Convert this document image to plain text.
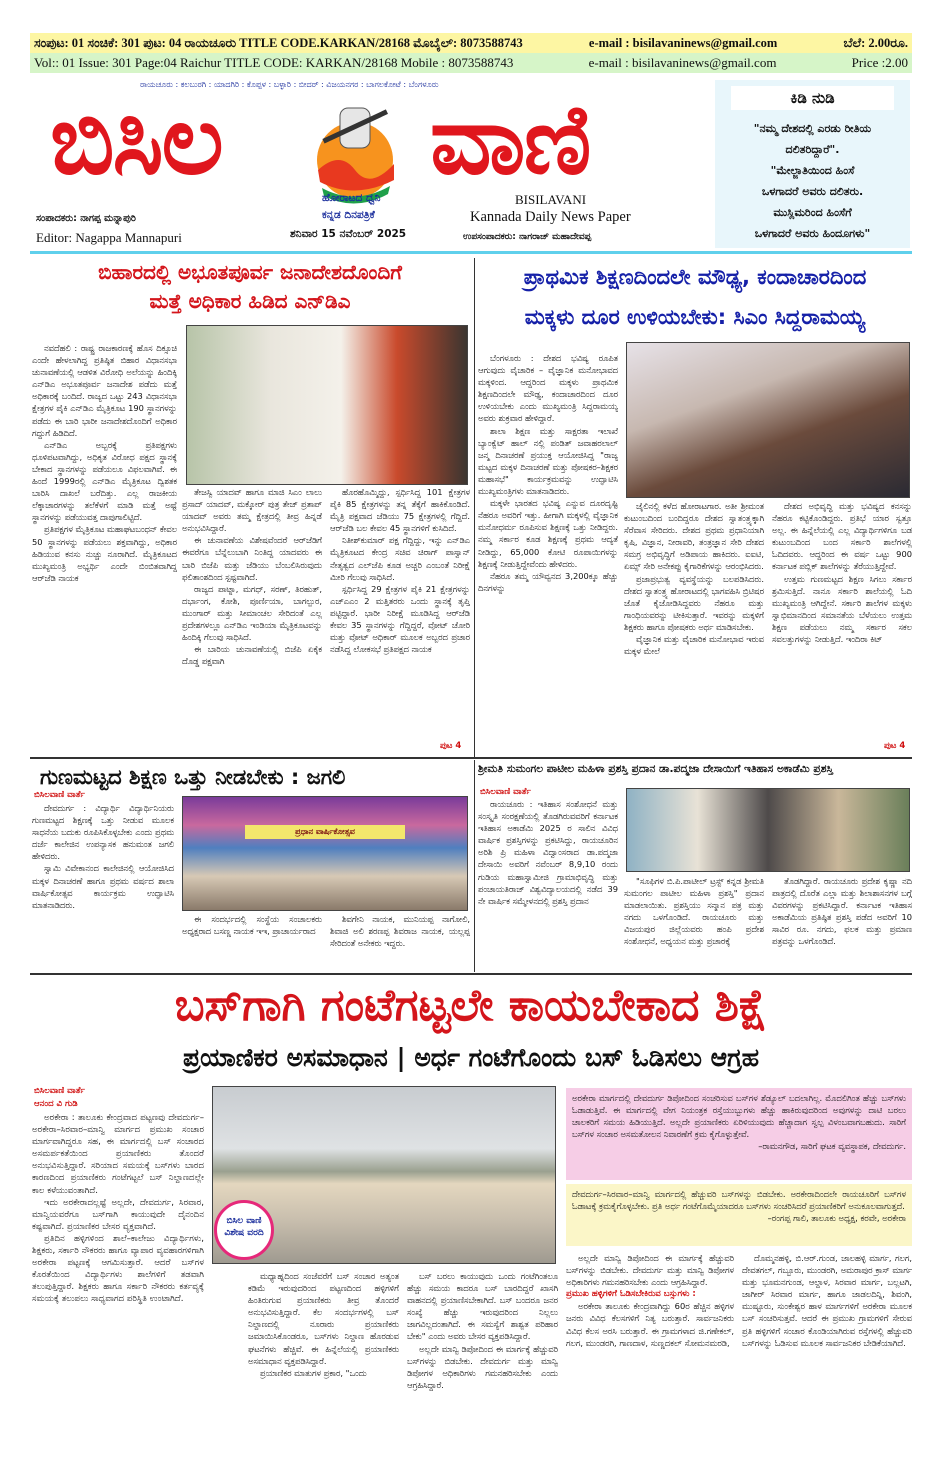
ಸಂಪುಟ: 01 ಸಂಚಿಕೆ: 301 ಪುಟ: 04 ರಾಯಚೂರು TITLE CODE.KARKAN/28168 ಮೊಬೈಲ್: 8073588743	e-mail : bisilavaninews@gmail.com	ಬೆಲೆ: 2.00ರೂ.
Vol:: 01 Issue: 301 Page:04 Raichur TITLE CODE: KARKAN/28168 Mobile : 8073588743	e-mail : bisilavaninews@gmail.com	Price :2.00
ರಾಯಚೂರು : ಕಲಬುರಗಿ : ಯಾದಗಿರಿ : ಕೊಪ್ಪಳ : ಬಳ್ಳಾರಿ : ಬೀದರ್ : ವಿಜಯನಗರ : ಬಾಗಲಕೋಟೆ : ಬೆಂಗಳೂರು
ಬಿಸಿಲ ವಾಣಿ
ಹೋರಾಟದ ಧ್ವನಿ
ಕನ್ನಡ ದಿನಪತ್ರಿಕೆ
ಶನಿವಾರ 15 ನವೆಂಬರ್ 2025
BISILAVANI
Kannada Daily News Paper
ಉಪಸಂಪಾದಕರು: ನಾಗರಾಜ್ ಮಹಾದೇವಪ್ಪ
ಸಂಪಾದಕರು: ನಾಗಪ್ಪ ಮನ್ನಾಪುರಿ
Editor: Nagappa Mannapuri
ಕಿಡಿ ನುಡಿ

"ನಮ್ಮ ದೇಶದಲ್ಲಿ ಎರಡು ರೀತಿಯ

ದಲಿತರಿದ್ದಾರೆ".

"ಮೇಲ್ಜಾತಿಯಿಂದ ಹಿಂಸೆ

ಒಳಗಾದರೆ ಅವರು ದಲಿತರು.

ಮುಸ್ಲಿಮರಿಂದ ಹಿಂಸೆಗೆ

ಒಳಗಾದರೆ ಅವರು ಹಿಂದೂಗಳು"

ಬಿಹಾರದಲ್ಲಿ ಅಭೂತಪೂರ್ವ ಜನಾದೇಶದೊಂದಿಗೆ
ಮತ್ತೆ ಅಧಿಕಾರ ಹಿಡಿದ ಎನ್‌ಡಿಎ

ನವದೆಹಲಿ : ರಾಷ್ಟ್ರ ರಾಜಕಾರಣಕ್ಕೆ ಹೊಸ ದಿಕ್ಸೂಚಿ ಎಂದೇ ಹೇಳಲಾಗಿದ್ದ ಪ್ರತಿಷ್ಠಿತ ಬಿಹಾರ ವಿಧಾನಸಭಾ ಚುನಾವಣೆಯಲ್ಲಿ ಆಡಳಿತ ವಿರೋಧಿ ಅಲೆಯನ್ನು ಹಿಂದಿಕ್ಕಿ ಎನ್‌ಡಿಎ ಅಭೂತಪೂರ್ವ ಜನಾದೇಶ ಪಡೆದು ಮತ್ತೆ ಅಧಿಕಾರಕ್ಕೆ ಬಂದಿದೆ. ರಾಜ್ಯದ ಒಟ್ಟು 243 ವಿಧಾನಸಭಾ ಕ್ಷೇತ್ರಗಳ ಪೈಕಿ ಎನ್‌ಡಿಎ ಮೈತ್ರಿಕೂಟ 190 ಸ್ಥಾನಗಳನ್ನು ಪಡೆದು ಈ ಬಾರಿ ಭಾರೀ ಜನಾದೇಶದೊಂದಿಗೆ ಅಧಿಕಾರ ಗದ್ದುಗೆ ಹಿಡಿದಿದೆ.

ಎನ್‌ಡಿಎ ಅಬ್ಬರಕ್ಕೆ ಪ್ರತಿಪಕ್ಷಗಳು ಧೂಳಿಪಟವಾಗಿದ್ದು, ಅಧಿಕೃತ ವಿರೋಧ ಪಕ್ಷದ ಸ್ಥಾನಕ್ಕೆ ಬೇಕಾದ ಸ್ಥಾನಗಳನ್ನು ಪಡೆಯಲೂ ವಿಫಲವಾಗಿವೆ. ಈ ಹಿಂದೆ 1999ರಲ್ಲಿ ಎನ್‌ಡಿಎ ಮೈತ್ರಿಕೂಟ ದ್ವಿಶತಕ ಬಾರಿಸಿ ದಾಖಲೆ ಬರೆದಿತ್ತು. ಎಲ್ಲ ರಾಜಕೀಯ ಲೆಕ್ಕಾಚಾರಗಳನ್ನು ತಲೆಕೆಳಗೆ ಮಾಡಿ ಮತ್ತೆ ಅಷ್ಟೆ ಸ್ಥಾನಗಳನ್ನು ಪಡೆಯುವತ್ತ ದಾಪುಗಾಲಿಟ್ಟಿದೆ.

ಪ್ರತಿಪಕ್ಷಗಳ ಮೈತ್ರಿಕೂಟ ಮಹಾಘಟಬಂಧನ್ ಕೇವಲ 50 ಸ್ಥಾನಗಳನ್ನು ಪಡೆಯಲು ಶಕ್ತವಾಗಿದ್ದು, ಅಧಿಕಾರ ಹಿಡಿಯುವ ಕನಸು ನುಚ್ಚು ನೂರಾಗಿದೆ. ಮೈತ್ರಿಕೂಟದ ಮುಖ್ಯಮಂತ್ರಿ ಅಭ್ಯರ್ಥಿ ಎಂದೇ ಬಿಂಬಿತವಾಗಿದ್ದ ಆರ್‌ಜೆಡಿ ನಾಯಕ

ತೇಜಸ್ವಿ ಯಾದವ್ ಹಾಗೂ ಮಾಜಿ ಸಿಎಂ ಲಾಲು ಪ್ರಸಾದ್ ಯಾದವ್, ಮಕ್ಕೋರ್ ಪುತ್ರ ತೇಜ್ ಪ್ರತಾಪ್ ಯಾದವ್ ಅವರು ತಮ್ಮ ಕ್ಷೇತ್ರದಲ್ಲಿ ತೀವ್ರ ಹಿನ್ನಡೆ ಅನುಭವಿಸಿದ್ದಾರೆ.

ಈ ಚುನಾವಣೆಯ ವಿಶೇಷವೆಂದರೆ ಆರ್‌ಜೆಡಿಗೆ ಈವರೆಗೂ ಬೆನ್ನೆಲುಬಾಗಿ ನಿಂತಿದ್ದ ಯಾದವರು ಈ ಬಾರಿ ಬಿಜೆಪಿ ಮತ್ತು ಜೆಡಿಯು ಬೆಂಬಲಿಸಿರುವುದು ಫಲಿತಾಂಶದಿಂದ ಸ್ಪಷ್ಟವಾಗಿದೆ.

ರಾಜ್ಯದ ಪಾಟ್ನಾ, ಮಗಧ್, ಸರಣ್, ತಿರಹುತ್, ದರ್ಭಾಂಗ, ಕೋಶಿ, ಪೂರ್ಣಿಯಾ, ಬಾಗಲ್ಪುರ, ಮುಂಗಾರ್ ಮತ್ತು ಸೀಮಾಂಚಲ ಸೇರಿದಂತೆ ಎಲ್ಲ ಪ್ರದೇಶಗಳಲ್ಲೂ ಎನ್‌ಡಿಎ ಇಂಡಿಯಾ ಮೈತ್ರಿಕೂಟವನ್ನು ಹಿಂದಿಕ್ಕಿ ಗೆಲುವು ಸಾಧಿಸಿದೆ.

ಈ ಬಾರಿಯ ಚುನಾವಣೆಯಲ್ಲಿ ಬಿಜೆಪಿ ಏಕೈಕ ದೊಡ್ಡ ಪಕ್ಷವಾಗಿ

ಹೊರಹೊಮ್ಮಿದ್ದು, ಸ್ಪರ್ಧಿಸಿದ್ದ 101 ಕ್ಷೇತ್ರಗಳ ಪೈಕಿ 85 ಕ್ಷೇತ್ರಗಳನ್ನು ತನ್ನ ತೆಕ್ಕೆಗೆ ಹಾಕಿಕೊಂಡಿದೆ. ಮೈತ್ರಿ ಪಕ್ಷವಾದ ಜೆಡಿಯು 75 ಕ್ಷೇತ್ರಗಳಲ್ಲಿ ಗೆದ್ದಿದೆ. ಆರ್‌ಜೆಡಿ ಬಲ ಕೇವಲ 45 ಸ್ಥಾನಗಳಿಗೆ ಕುಸಿದಿದೆ.

ನಿತೀಶ್‌ಕುಮಾರ್ ಪಕ್ಷ ಗೆದ್ದಿದ್ದು, ಇನ್ನು ಎನ್‌ಡಿಎ ಮೈತ್ರಿಕೂಟದ ಕೇಂದ್ರ ಸಚಿವ ಚಿರಾಗ್ ಪಾಸ್ವಾನ್ ನೇತೃತ್ವದ ಎಲ್‌ಜೆಪಿ ಕೂಡ ಅಚ್ಚರಿ ಎಂಬಂತೆ ನಿರೀಕ್ಷೆ ಮೀರಿ ಗೆಲುವು ಸಾಧಿಸಿದೆ.

ಸ್ಪರ್ಧಿಸಿದ್ದ 29 ಕ್ಷೇತ್ರಗಳ ಪೈಕಿ 21 ಕ್ಷೇತ್ರಗಳನ್ನು ಎಚ್‌ಎಎಂ 2 ಮತ್ತಿತರರು ಒಂದು ಸ್ಥಾನಕ್ಕೆ ತೃಪ್ತಿ ಪಟ್ಟಿದ್ದಾರೆ. ಭಾರೀ ನಿರೀಕ್ಷೆ ಮೂಡಿಸಿದ್ದ ಆರ್‌ಜೆಡಿ ಕೇವಲ 35 ಸ್ಥಾನಗಳನ್ನು ಗೆದ್ದಿದ್ದರೆ, ವೋಟ್ ಚೋರಿ ಮತ್ತು ವೋಟ್ ಅಧಿಕಾರ್ ಮೂಲಕ ಅಬ್ಬರದ ಪ್ರಚಾರ ನಡೆಸಿದ್ದ ಲೋಕಸಭೆ ಪ್ರತಿಪಕ್ಷದ ನಾಯಕ

ಪುಟ 4
ಪ್ರಾಥಮಿಕ ಶಿಕ್ಷಣದಿಂದಲೇ ಮೌಢ್ಯ, ಕಂದಾಚಾರದಿಂದ
ಮಕ್ಕಳು ದೂರ ಉಳಿಯಬೇಕು: ಸಿಎಂ ಸಿದ್ದರಾಮಯ್ಯ

ಬೆಂಗಳೂರು : ದೇಶದ ಭವಿಷ್ಯ ರೂಪಿತ ಆಗುವುದು ವೈಚಾರಿಕ – ವೈಜ್ಞಾನಿಕ ಮನೋಭಾವದ ಮಕ್ಕಳಿಂದ. ಆದ್ದರಿಂದ ಮಕ್ಕಳು ಪ್ರಾಥಮಿಕ ಶಿಕ್ಷಣದಿಂದಲೇ ಮೌಢ್ಯ, ಕಂದಾಚಾರದಿಂದ ದೂರ ಉಳಿಯಬೇಕು ಎಂದು ಮುಖ್ಯಮಂತ್ರಿ ಸಿದ್ದರಾಮಯ್ಯ ಅವರು ಶುಕ್ರವಾರ ಹೇಳಿದ್ದಾರೆ.

ಶಾಲಾ ಶಿಕ್ಷಣ ಮತ್ತು ಸಾಕ್ಷರತಾ ಇಲಾಖೆ ಬ್ಯಾಂಕ್ವೆಟ್ ಹಾಲ್ ನಲ್ಲಿ ಪಂಡಿತ್ ಜವಾಹರಲಾಲ್ ಜನ್ಮ ದಿನಾಚರಣೆ ಪ್ರಯುಕ್ತ ಆಯೋಜಿಸಿದ್ದ "ರಾಜ್ಯ ಮಟ್ಟದ ಮಕ್ಕಳ ದಿನಾಚರಣೆ ಮತ್ತು ಪೋಷಕರ–ಶಿಕ್ಷಕರ ಮಹಾಸಭೆ" ಕಾರ್ಯಕ್ರಮವನ್ನು ಉದ್ಘಾಟಿಸಿ ಮುಖ್ಯಮಂತ್ರಿಗಳು ಮಾತನಾಡಿದರು.

ಮಕ್ಕಳೇ ಭಾರತದ ಭವಿಷ್ಯ ಎನ್ನುವ ದೂರದೃಷ್ಟಿ ನೆಹರೂ ಅವರಿಗೆ ಇತ್ತು. ಹೀಗಾಗಿ ಮಕ್ಕಳಲ್ಲಿ ವೈಜ್ಞಾನಿಕ ಮನೋಧರ್ಮ ರೂಪಿಸುವ ಶಿಕ್ಷಣಕ್ಕೆ ಒತ್ತು ನೀಡಿದ್ದರು. ನಮ್ಮ ಸರ್ಕಾರ ಕೂಡ ಶಿಕ್ಷಣಕ್ಕೆ ಪ್ರಥಮ ಆದ್ಯತೆ ನೀಡಿದ್ದು, 65,000 ಕೋಟಿ ರೂಪಾಯಿಗಳನ್ನು ಶಿಕ್ಷಣಕ್ಕೆ ನೀಡುತ್ತಿದ್ದೇವೆಂದು ಹೇಳಿದರು.

ನೆಹರೂ ತಮ್ಮ ಯೌವ್ವನದ 3,200ಕ್ಕೂ ಹೆಚ್ಚು ದಿನಗಳನ್ನು

ಜೈಲಿನಲ್ಲಿ ಕಳೆದ ಹೋರಾಟಗಾರ. ಅತೀ ಶ್ರೀಮಂತ ಕುಟುಂಬದಿಂದ ಬಂದಿದ್ದರೂ ದೇಶದ ಸ್ವಾತಂತ್ರ್ಯಕ್ಕಾಗಿ ಸೆರೆವಾಸ ಸೇರಿದರು. ದೇಶದ ಪ್ರಥಮ ಪ್ರಧಾನಿಯಾಗಿ ಕೃಷಿ, ವಿಜ್ಞಾನ, ನೀರಾವರಿ, ತಂತ್ರಜ್ಞಾನ ಸೇರಿ ದೇಶದ ಸಮಗ್ರ ಅಭಿವೃದ್ಧಿಗೆ ಅಡಿಪಾಯ ಹಾಕಿದರು. ಐಐಟಿ, ಏಮ್ಸ್ ಸೇರಿ ಅನೇಕಪ್ಪು ಕೈಗಾರಿಕೆಗಳನ್ನು ಆರಂಭಿಸಿದರು.

ಪ್ರಜಾಪ್ರಭುತ್ವ ವ್ಯವಸ್ಥೆಯನ್ನು ಬಲಪಡಿಸಿದರು. ದೇಶದ ಸ್ವಾತಂತ್ರ್ಯ ಹೋರಾಟದಲ್ಲಿ ಭಾಗವಹಿಸಿ ಬ್ರಿಟಿಷರ ಜೊತೆ ಕೈಜೋಡಿಸಿದ್ದವರು ನೆಹರೂ ಮತ್ತು ಗಾಂಧಿಯವರನ್ನು ಟೀಕಿಸುತ್ತಾರೆ. ಇವರನ್ನು ಮಕ್ಕಳಿಗೆ ಶಿಕ್ಷಕರು ಹಾಗೂ ಪೋಷಕರು ಅರ್ಥ ಮಾಡಿಸಬೇಕು.

ವೈಜ್ಞಾನಿಕ ಮತ್ತು ವೈಚಾರಿಕ ಮನೋಭಾವ ಇರುವ ಮಕ್ಕಳ ಮೇಲೆ

ದೇಶದ ಅಭಿವೃದ್ಧಿ ಮತ್ತು ಭವಿಷ್ಯದ ಕನಸನ್ನು ನೆಹರೂ ಕಟ್ಟಿಕೊಂಡಿದ್ದರು. ಪ್ರತಿಭೆ ಯಾರ ಸ್ವತ್ತೂ ಅಲ್ಲ. ಈ ಹಿನ್ನೆಲೆಯಲ್ಲಿ ಎಲ್ಲ ವಿದ್ಯಾರ್ಥಿಗಳಿಗೂ ಬಡ ಕುಟುಂಬದಿಂದ ಬಂದ ಸರ್ಕಾರಿ ಶಾಲೆಗಳಲ್ಲಿ ಓದಿದವರು. ಆದ್ದರಿಂದ ಈ ವರ್ಷ ಒಟ್ಟು 900 ಕರ್ನಾಟಕ ಪಬ್ಲಿಕ್ ಶಾಲೆಗಳನ್ನು ತೆರೆಯುತ್ತಿದ್ದೇವೆ.

ಉತ್ತಮ ಗುಣಮಟ್ಟದ ಶಿಕ್ಷಣ ಸಿಗಲು ಸರ್ಕಾರ ಶ್ರಮಿಸುತ್ತಿದೆ. ನಾನೂ ಸರ್ಕಾರಿ ಶಾಲೆಯಲ್ಲಿ ಓದಿ ಮುಖ್ಯಮಂತ್ರಿ ಆಗಿದ್ದೇನೆ. ಸರ್ಕಾರಿ ಶಾಲೆಗಳ ಮಕ್ಕಳು ಸ್ವಾಭಿಮಾನದಿಂದ ಸಮಾನತೆಯ ಬೆಳೆಯಲು ಉತ್ತಮ ಶಿಕ್ಷಣ ಪಡೆಯಲು ನಮ್ಮ ಸರ್ಕಾರ ಸಕಲ ಸವಲತ್ತುಗಳನ್ನು ನೀಡುತ್ತಿದೆ. ಇಂದಿರಾ ಕಿಟ್

ಪುಟ 4
ಗುಣಮಟ್ಟದ ಶಿಕ್ಷಣ ಒತ್ತು ನೀಡಬೇಕು : ಜಗಲಿ
ಬಿಸಿಲವಾಣಿ ವಾರ್ತೆ

ದೇವದುರ್ಗ : ವಿದ್ಯಾರ್ಥಿ ವಿದ್ಯಾರ್ಥಿನಿಯರು ಗುಣಮಟ್ಟದ ಶಿಕ್ಷಣಕ್ಕೆ ಒತ್ತು ನೀಡುವ ಮೂಲಕ ಸಾಧನೆಯ ಬದುಕು ರೂಪಿಸಿಕೊಳ್ಳಬೇಕು ಎಂದು ಪ್ರಥಮ ದರ್ಜೆ ಕಾಲೇಜಿನ ಉಪನ್ಯಾಸಕ ಹನುಮಂತ ಜಗಲಿ ಹೇಳಿದರು.

ಸ್ವಾಮಿ ವಿವೇಕಾನಂದ ಕಾಲೇಜಿನಲ್ಲಿ ಆಯೋಜಿಸಿದ ಮಕ್ಕಳ ದಿನಾಚರಣೆ ಹಾಗೂ ಪ್ರಥಮ ವರ್ಷದ ಶಾಲಾ ವಾರ್ಷಿಕೋತ್ಸವ ಕಾರ್ಯಕ್ರಮ ಉದ್ಘಾಟಿಸಿ ಮಾತನಾಡಿದರು.

ಪ್ರಧಾನ ವಾರ್ಷಿಕೋತ್ಸವ

ಈ ಸಂದರ್ಭದಲ್ಲಿ ಸಂಸ್ಥೆಯ ಸಂಚಾಲಕರು ಅಧ್ಯಕ್ಷರಾದ ಬಸಣ್ಣ ನಾಯಕ ಇಇ, ಪ್ರಾಚಾರ್ಯರಾದ

ಶಿವಗೇನಿ ನಾಯಕ, ಮುನಿಯಪ್ಪ ನಾಗೋಲಿ, ಶಿವಾಜಿ ಅಲಿ ಶರಣಪ್ಪ ಶಿವರಾಜ ನಾಯಕ, ಯಲ್ಲಪ್ಪ ಸೇರಿದಂತೆ ಅನೇಕರು ಇದ್ದರು.

ಶ್ರೀಮತಿ ಸುಮಂಗಲ ಪಾಟೀಲ ಮಹಿಳಾ ಪ್ರಶಸ್ತಿ ಪ್ರದಾನ ಡಾ.ಪದ್ಮಜಾ ದೇಸಾಯಿಗೆ ಇತಿಹಾಸ ಅಕಾಡೆಮಿ ಪ್ರಶಸ್ತಿ
ಬಿಸಿಲವಾಣಿ ವಾರ್ತೆ

ರಾಯಚೂರು : ಇತಿಹಾಸ ಸಂಶೋಧನೆ ಮತ್ತು ಸಂಸ್ಕೃತಿ ಸಂರಕ್ಷಣೆಯಲ್ಲಿ ತೊಡಗಿರುವವರಿಗೆ ಕರ್ನಾಟಕ ಇತಿಹಾಸ ಅಕಾಡೆಮಿ 2025 ರ ಸಾಲಿನ ವಿವಿಧ ವಾರ್ಷಿಕ ಪ್ರಶಸ್ತಿಗಳನ್ನು ಪ್ರಕಟಿಸಿದ್ದು, ರಾಯಚೂರಿನ ಅರಿಶಿ ಪ್ರಿ ಮಹಿಳಾ ವಿದ್ವಾಂಸರಾದ ಡಾ.ಪದ್ಮಜಾ ದೇಸಾಯಿ ಅವರಿಗೆ ನವೆಂಬರ್ 8,9,10 ರಂದು ಗುಡಿಯ ಮಹಾಸ್ವಾಮೀಜಿ ಗ್ರಾಮಾಭಿವೃದ್ಧಿ ಮತ್ತು ಪಂಚಾಯತಿರಾಜ್ ವಿಶ್ವವಿದ್ಯಾಲಯದಲ್ಲಿ ನಡೆದ 39 ನೇ ವಾರ್ಷಿಕ ಸಮ್ಮೇಳನದಲ್ಲಿ ಪ್ರಶಸ್ತಿ ಪ್ರದಾನ

"ಸೂಫಿಗಳ ಬಿ.ಪಿ.ಪಾಟೀಲ್ ಟ್ರಸ್ಟ್ ಕನ್ನಡ ಶ್ರೀಮತಿ ಸುಮಂಗಲ ಪಾಟೀಲ ಮಹಿಳಾ ಪ್ರಶಸ್ತಿ" ಪ್ರದಾನ ಮಾಡಲಾಯಿತು. ಪ್ರಶಸ್ತಿಯು ಸನ್ಮಾನ ಪತ್ರ ಮತ್ತು ನಗದು ಒಳಗೊಂಡಿದೆ. ರಾಯಚೂರು ಮತ್ತು ವಿಜಯಪುರ ಜಿಲ್ಲೆಯವರು ಹಂಪಿ ಪ್ರದೇಶ ಸಂಶೋಧನೆ, ಅಧ್ಯಯನ ಮತ್ತು ಪ್ರಚಾರಕ್ಕೆ

ತೊಡಗಿದ್ದಾರೆ. ರಾಯಚೂರು ಪ್ರದೇಶ ಕೃಷ್ಣಾ ನದಿ ಪಾತ್ರದಲ್ಲಿ ದೊರೆತ ಎಲ್ಲಾ ಮತ್ತು ಶಿಲಾಶಾಸನಗಳ ಬಗ್ಗೆ ವಿವರಗಳನ್ನು ಪ್ರಕಟಿಸಿದ್ದಾರೆ. ಕರ್ನಾಟಕ ಇತಿಹಾಸ ಅಕಾಡೆಮಿಯ ಪ್ರತಿಷ್ಠಿತ ಪ್ರಶಸ್ತಿ ಪಡೆದ ಅವರಿಗೆ 10 ಸಾವಿರ ರೂ. ನಗದು, ಫಲಕ ಮತ್ತು ಪ್ರಮಾಣ ಪತ್ರವನ್ನು ಒಳಗೊಂಡಿದೆ.

ಬಸ್‌ಗಾಗಿ ಗಂಟೆಗಟ್ಟಲೇ ಕಾಯಬೇಕಾದ ಶಿಕ್ಷೆ
ಪ್ರಯಾಣಿಕರ ಅಸಮಾಧಾನ | ಅರ್ಧ ಗಂಟೆಗೊಂದು ಬಸ್ ಓಡಿಸಲು ಆಗ್ರಹ
ಬಿಸಿಲವಾಣಿ ವಾರ್ತೆ
ಆನಂದ ವಿ ಗುಡಿ

ಅರಕೇರಾ : ತಾಲೂಕು ಕೇಂದ್ರವಾದ ಪಟ್ಟಣವು ದೇವದುರ್ಗ–ಅರಕೇರಾ–ಸಿರವಾರ–ಮಾನ್ವಿ ಮಾರ್ಗದ ಪ್ರಮುಖ ಸಂಚಾರ ಮಾರ್ಗವಾಗಿದ್ದರೂ ಸಹ, ಈ ಮಾರ್ಗದಲ್ಲಿ ಬಸ್ ಸಂಚಾರದ ಅಸಮರ್ಪಕತೆಯಿಂದ ಪ್ರಯಾಣಿಕರು ತೊಂದರೆ ಅನುಭವಿಸುತ್ತಿದ್ದಾರೆ. ಸರಿಯಾದ ಸಮಯಕ್ಕೆ ಬಸ್‌ಗಳು ಬಾರದ ಕಾರಣದಿಂದ ಪ್ರಯಾಣಿಕರು ಗಂಟೆಗಟ್ಟಲೆ ಬಸ್ ನಿಲ್ದಾಣದಲ್ಲೇ ಕಾಲ ಕಳೆಯುವಂತಾಗಿದೆ.

ಇದು ಅರಕೇರಾದಲ್ಲಷ್ಟೆ ಅಲ್ಲದೇ, ದೇವದುರ್ಗ, ಸಿರವಾರ, ಮಾನ್ವಿಯವರೆಗೂ ಬಸ್‌ಗಾಗಿ ಕಾಯುವುದೇ ದೈನಂದಿನ ಕಷ್ಟವಾಗಿದೆ. ಪ್ರಯಾಣಿಕರ ಬೇಸರ ವ್ಯಕ್ತವಾಗಿದೆ.

ಪ್ರತಿದಿನ ಹಳ್ಳಿಗಳಿಂದ ಶಾಲೆ–ಕಾಲೇಜು ವಿದ್ಯಾರ್ಥಿಗಳು, ಶಿಕ್ಷಕರು, ಸರ್ಕಾರಿ ನೌಕರರು ಹಾಗೂ ವ್ಯಾಪಾರ ವ್ಯವಹಾರಗಳಿಗಾಗಿ ಅರಕೇರಾ ಪಟ್ಟಣಕ್ಕೆ ಆಗಮಿಸುತ್ತಾರೆ. ಆದರೆ ಬಸ್‌ಗಳ ಕೊರತೆಯಿಂದ ವಿದ್ಯಾರ್ಥಿಗಳು ಶಾಲೆಗಳಿಗೆ ತಡವಾಗಿ ತಲುಪುತ್ತಿದ್ದಾರೆ. ಶಿಕ್ಷಕರು ಹಾಗೂ ಸರ್ಕಾರಿ ನೌಕರರು ಕರ್ತವ್ಯಕ್ಕೆ ಸಮಯಕ್ಕೆ ತಲುಪಲು ಸಾಧ್ಯವಾಗದ ಪರಿಸ್ಥಿತಿ ಉಂಟಾಗಿದೆ.

ಬಿಸಿಲ ವಾಣಿ ವಿಶೇಷ ವರದಿ

ಮಧ್ಯಾಹ್ನದಿಂದ ಸಂಜೆವರೆಗೆ ಬಸ್ ಸಂಚಾರ ಅತ್ಯಂತ ಕಡಿಮೆ ಇರುವುದರಿಂದ ಪಟ್ಟಣದಿಂದ ಹಳ್ಳಿಗಳಿಗೆ ಹಿಂತಿರುಗುವ ಪ್ರಯಾಣಿಕರು ತೀವ್ರ ತೊಂದರೆ ಅನುಭವಿಸುತ್ತಿದ್ದಾರೆ. ಕೆಲ ಸಂದರ್ಭಗಳಲ್ಲಿ ಬಸ್ ನಿಲ್ದಾಣದಲ್ಲಿ ನೂರಾರು ಪ್ರಯಾಣಿಕರು ಜಮಾಯಿಸಿಕೊಂಡರೂ, ಬಸ್‌ಗಳು ನಿಲ್ದಾಣ ಹೊರಡುವ ಘಟನೆಗಳು ಹೆಚ್ಚಿವೆ. ಈ ಹಿನ್ನೆಲೆಯಲ್ಲಿ ಪ್ರಯಾಣಿಕರು ಅಸಮಾಧಾನ ವ್ಯಕ್ತಪಡಿಸಿದ್ದಾರೆ.

ಪ್ರಯಾಣಿಕರ ಮಾತುಗಳ ಪ್ರಕಾರ, "ಒಂದು

ಬಸ್ ಬರಲು ಕಾಯುವುದು ಒಂದು ಗಂಟೆಗಿಂತಲೂ ಹೆಚ್ಚು ಸಮಯ ಕಾದರೂ ಬಸ್ ಬಾರದಿದ್ದರೆ ಖಾಸಗಿ ವಾಹನದಲ್ಲಿ ಪ್ರಯಾಣಿಸಬೇಕಾಗಿದೆ. ಬಸ್ ಬಂದರೂ ಜನರ ಸಂಖ್ಯೆ ಹೆಚ್ಚು ಇರುವುದರಿಂದ ನಿಲ್ಲಲು ಜಾಗವಿಲ್ಲದಂತಾಗಿದೆ. ಈ ಸಮಸ್ಯೆಗೆ ಶಾಶ್ವತ ಪರಿಹಾರ ಬೇಕು" ಎಂದು ಅವರು ಬೇಸರ ವ್ಯಕ್ತಪಡಿಸಿದ್ದಾರೆ.

ಅಲ್ಲದೇ ಮಾನ್ವಿ ಡಿಪೋದಿಂದ ಈ ಮಾರ್ಗಕ್ಕೆ ಹೆಚ್ಚುವರಿ ಬಸ್‌ಗಳನ್ನು ಬಿಡಬೇಕು. ದೇವದುರ್ಗ ಮತ್ತು ಮಾನ್ವಿ ಡಿಪೋಗಳ ಅಧಿಕಾರಿಗಳು ಗಮನಹರಿಸಬೇಕು ಎಂದು ಆಗ್ರಹಿಸಿದ್ದಾರೆ.

ಅರಕೇರಾ ಮಾರ್ಗದಲ್ಲಿ ದೇವದುರ್ಗ ಡಿಪೋದಿಂದ ಸಂಚರಿಸುವ ಬಸ್‌ಗಳ ಶೆಡ್ಯೂಲ್ ಬದಲಾಗಿಲ್ಲ. ಮೊದಲಿಗಿಂತ ಹೆಚ್ಚು ಬಸ್‌ಗಳು ಓಡಾಡುತ್ತಿವೆ. ಈ ಮಾರ್ಗದಲ್ಲಿ ವೇಗ ನಿಯಂತ್ರಕ ರಸ್ತೆಯುಬ್ಬುಗಳು ಹೆಚ್ಚು ಹಾಕಿರುವುದರಿಂದ ಅವುಗಳನ್ನು ದಾಟಿ ಬರಲು ಚಾಲಕರಿಗೆ ಸಮಯ ಹಿಡಿಯುತ್ತಿದೆ. ಅಲ್ಲದೇ ಪ್ರಯಾಣಿಕರು ಏರಿಳಿಯುವುದು ಹೆಚ್ಚಾದಾಗ ಸ್ವಲ್ಪ ವಿಳಂಬವಾಗಬಹುದು. ಸಾರಿಗೆ ಬಸ್‌ಗಳ ಸಂಚಾರ ಅಸಮತೋಲನ ನಿವಾರಣೆಗೆ ಕ್ರಮ ಕೈಗೊಳ್ಳುತ್ತೇವೆ.
–ರಾಮನಗೌಡ, ಸಾರಿಗೆ ಘಟಕ ವ್ಯವಸ್ಥಾಪಕ, ದೇವದುರ್ಗ.
ದೇವದುರ್ಗ–ಸಿರವಾರ–ಮಾನ್ವಿ ಮಾರ್ಗದಲ್ಲಿ ಹೆಚ್ಚುವರಿ ಬಸ್‌ಗಳನ್ನು ಬಿಡಬೇಕು. ಅರಕೇರಾದಿಂದಲೇ ರಾಯಚೂರಿಗೆ ಬಸ್‌ಗಳ ಓಡಾಟಕ್ಕೆ ಕ್ರಮಕೈಗೊಳ್ಳಬೇಕು. ಪ್ರತಿ ಅರ್ಧ ಗಂಟೆಗೊಮ್ಮೆಯಾದರೂ ಬಸ್‌ಗಳು ಸಂಚರಿಸಿದರೆ ಪ್ರಯಾಣಿಕರಿಗೆ ಅನುಕೂಲವಾಗುತ್ತದೆ.
–ರಂಗಪ್ಪ ಗಾಲಿ, ತಾಲೂಕು ಅಧ್ಯಕ್ಷ, ಕರವೇ, ಅರಕೇರಾ

ಅಲ್ಲದೇ ಮಾನ್ವಿ ಡಿಪೋದಿಂದ ಈ ಮಾರ್ಗಕ್ಕೆ ಹೆಚ್ಚುವರಿ ಬಸ್‌ಗಳನ್ನು ಬಿಡಬೇಕು. ದೇವದುರ್ಗ ಮತ್ತು ಮಾನ್ವಿ ಡಿಪೋಗಳ ಅಧಿಕಾರಿಗಳು ಗಮನಹರಿಸಬೇಕು ಎಂದು ಆಗ್ರಹಿಸಿದ್ದಾರೆ.

ಪ್ರಮುಖ ಹಳ್ಳಿಗಳಿಗೆ ಓಡಿಸಬೇಕಿರುವ ಬಸ್ಸುಗಳು :

ಅರಕೇರಾ ತಾಲೂಕು ಕೇಂದ್ರವಾಗಿದ್ದು 60ರ ಹೆಚ್ಚಿನ ಹಳ್ಳಿಗಳ ಜನರು ವಿವಿಧ ಕೆಲಸಗಳಿಗೆ ನಿತ್ಯ ಬರುತ್ತಾರೆ. ಸಾರ್ವಜನಿಕರು ವಿವಿಧ ಕೆಲಸ ಅರಸಿ ಬರುತ್ತಾರೆ. ಈ ಗ್ರಾಮಗಳಾದ ಜಿ.ಗಣೇಕಲ್, ಗಲಗ, ಮುಂಡರಗಿ, ಗಾಣದಾಳ, ಸುಣ್ಣದಕಲ್ ಸೋಮನಮರಡಿ,

ದೊಮ್ಮನಹಳ್ಳಿ, ಬಿ.ಆರ್.ಗುಂಡ, ಜಾಲಹಳ್ಳಿ ಮಾರ್ಗ, ಗಲಗ, ದೇವತಗಲ್, ಗಬ್ಬೂರು, ಮುಂಡರಗಿ, ಅಮರಾಪುರ ಕ್ರಾಸ್ ಮಾರ್ಗ ಮತ್ತು ಭೂಮನಗುಂಡ, ಆಲ್ದಾಳ, ಸಿರವಾರ ಮಾರ್ಗ, ಬಲ್ಲಟಗಿ, ಜಾಗೀರ್ ಸಿರವಾರ ಮಾರ್ಗ, ಹಾಗೂ ಜಾಡಲದಿನ್ನಿ, ಶಿವಂಗಿ, ಮುಷ್ಟೂರು, ಸುಂಕೇಶ್ವರ ಹಾಳ ಮಾರ್ಗಗಳಿಗೆ ಅರಕೇರಾ ಮೂಲಕ ಬಸ್ ಸಂಚರಿಸುತ್ತವೆ. ಆದರೆ ಈ ಪ್ರಮುಖ ಗ್ರಾಮಗಳಿಗೆ ಸೇರುವ ಪ್ರತಿ ಹಳ್ಳಿಗಳಿಗೆ ಸಂಚಾರ ಕೊಂಡಿಯಾಗಿರುವ ರಸ್ತೆಗಳಲ್ಲಿ ಹೆಚ್ಚುವರಿ ಬಸ್‌ಗಳನ್ನು ಓಡಿಸುವ ಮೂಲಕ ಸಾರ್ವಜನಿಕರ ಬೇಡಿಕೆಯಾಗಿದೆ.
